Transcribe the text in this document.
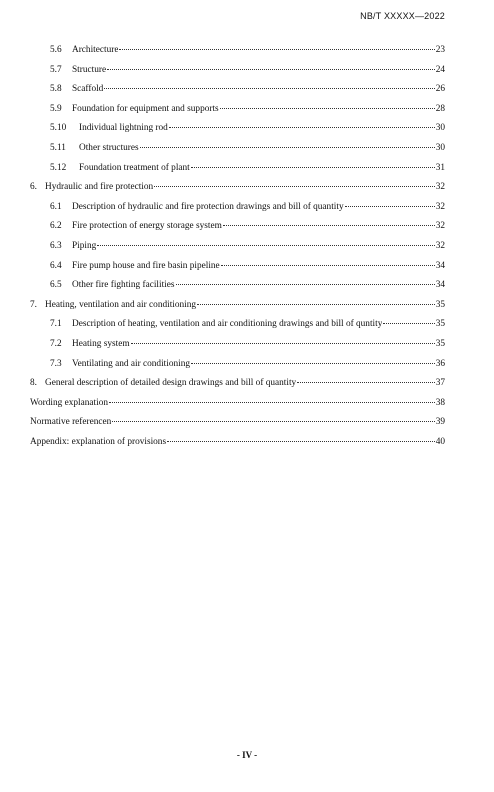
NB/T XXXXX—2022
5.6	Architecture	23
5.7	Structure	24
5.8	Scaffold	26
5.9	Foundation for equipment and supports	28
5.10	Individual lightning rod	30
5.11	Other structures	30
5.12	Foundation treatment of plant	31
6. Hydraulic and fire protection	32
6.1	Description of hydraulic and fire protection drawings and bill of quantity	32
6.2	Fire protection of energy storage system	32
6.3	Piping	32
6.4	Fire pump house and fire basin pipeline	34
6.5	Other fire fighting facilities	34
7. Heating, ventilation and air conditioning	35
7.1	Description of heating, ventilation and air conditioning drawings and bill of quntity	35
7.2	Heating system	35
7.3	Ventilating and air conditioning	36
8. General description of detailed design drawings and bill of quantity	37
Wording explanation	38
Normative referencen	39
Appendix: explanation of provisions	40
- IV -
